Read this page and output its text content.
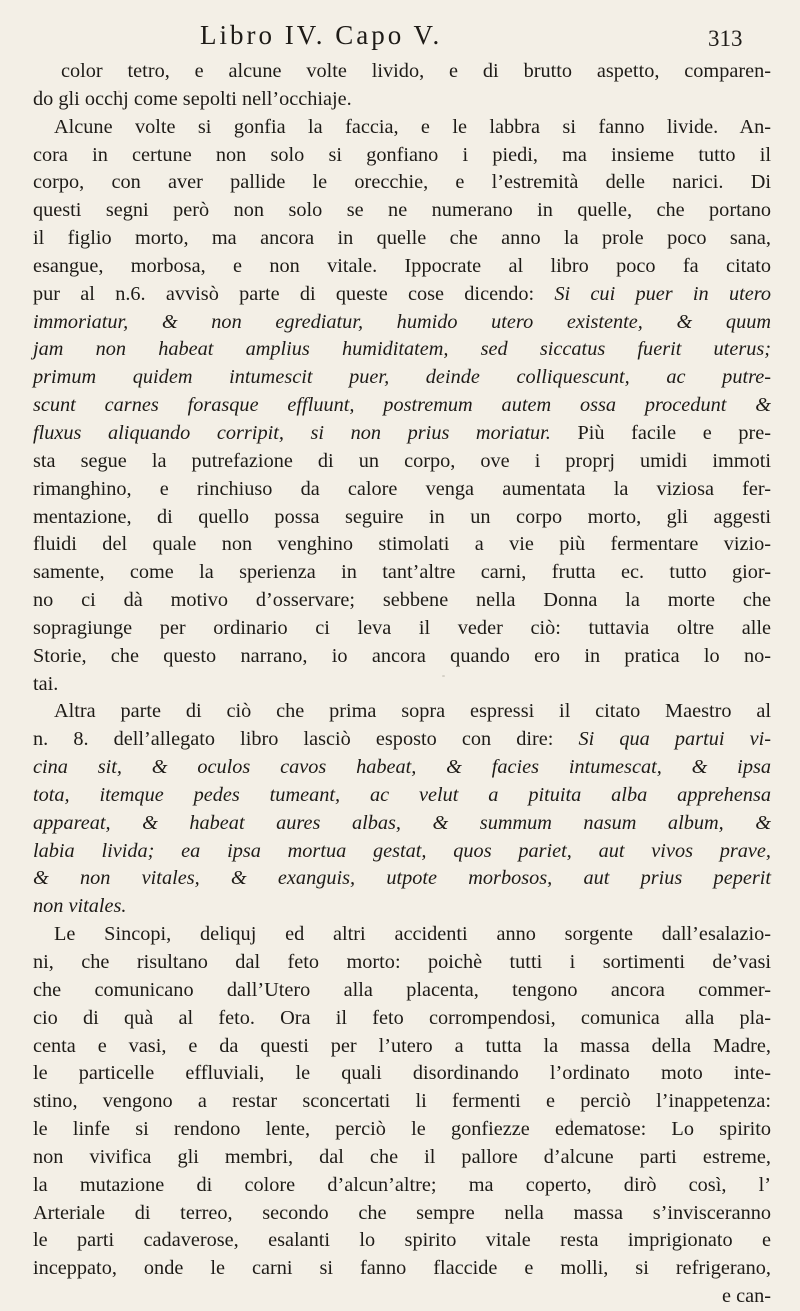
Libro IV. Capo V.	313
color tetro, e alcune volte livido, e di brutto aspetto, comparen-
do gli occhj come sepolti nell’occhiaje.
Alcune volte si gonfia la faccia, e le labbra si fanno livide. An-
cora in certune non solo si gonfiano i piedi, ma insieme tutto il
corpo, con aver pallide le orecchie, e l’estremità delle narici. Di
questi segni però non solo se ne numerano in quelle, che portano
il figlio morto, ma ancora in quelle che anno la prole poco sana,
esangue, morbosa, e non vitale. Ippocrate al libro poco fa citato
pur al n.6. avvisò parte di queste cose dicendo: Si cui puer in utero
immoriatur, & non egrediatur, humido utero existente, & quum
jam non habeat amplius humiditatem, sed siccatus fuerit uterus;
primum quidem intumescit puer, deinde colliquescunt, ac putre-
scunt carnes forasque effluunt, postremum autem ossa procedunt &
fluxus aliquando corripit, si non prius moriatur. Più facile e pre-
sta segue la putrefazione di un corpo, ove i proprj umidi immoti
rimanghino, e rinchiuso da calore venga aumentata la viziosa fer-
mentazione, di quello possa seguire in un corpo morto, gli aggesti
fluidi del quale non venghino stimolati a vie più fermentare vizio-
samente, come la sperienza in tant’altre carni, frutta ec. tutto gior-
no ci dà motivo d’osservare; sebbene nella Donna la morte che
sopragiunge per ordinario ci leva il veder ciò: tuttavia oltre alle
Storie, che questo narrano, io ancora quando ero in pratica lo no-
tai.
Altra parte di ciò che prima sopra espressi il citato Maestro al
n. 8. dell’allegato libro lasciò esposto con dire: Si qua partui vi-
cina sit, & oculos cavos habeat, & facies intumescat, & ipsa
tota, itemque pedes tumeant, ac velut a pituita alba apprehensa
appareat, & habeat aures albas, & summum nasum album, &
labia livida; ea ipsa mortua gestat, quos pariet, aut vivos prave,
& non vitales, & exanguis, utpote morbosos, aut prius peperit
non vitales.
Le Sincopi, deliquj ed altri accidenti anno sorgente dall’esalazio-
ni, che risultano dal feto morto: poichè tutti i sortimenti de’vasi
che comunicano dall’Utero alla placenta, tengono ancora commer-
cio di quà al feto. Ora il feto corrompendosi, comunica alla pla-
centa e vasi, e da questi per l’utero a tutta la massa della Madre,
le particelle effluviali, le quali disordinando l’ordinato moto inte-
stino, vengono a restar sconcertati li fermenti e perciò l’inappetenza:
le linfe si rendono lente, perciò le gonfiezze edematose: Lo spirito
non vivifica gli membri, dal che il pallore d’alcune parti estreme,
la mutazione di colore d’alcun’altre; ma coperto, dirò così, l’
Arteriale di terreo, secondo che sempre nella massa s’invisceranno
le parti cadaverose, esalanti lo spirito vitale resta imprigionato e
inceppato, onde le carni si fanno flaccide e molli, si refrigerano,
e can-
